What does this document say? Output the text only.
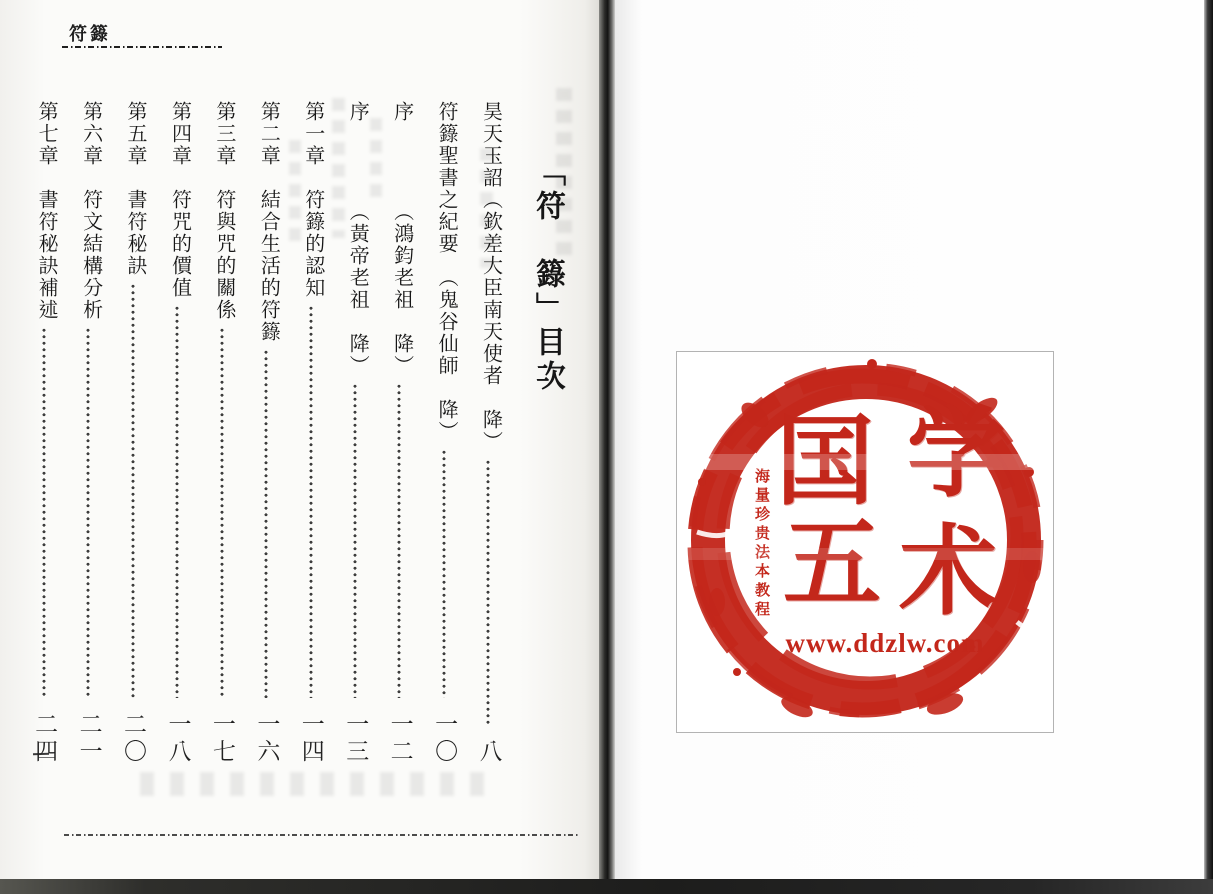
符籙
「符　籙」目次
昊天玉詔（欽差大臣南天使者　降）
八
符籙聖書之紀要　（鬼谷仙師　降）
一〇
序　　　　（鴻鈞老祖　降）
一二
序　　　　（黃帝老祖　降）
一三
第一章　符籙的認知
一四
第二章　結合生活的符籙
一六
第三章　符與咒的關係
一七
第四章　符咒的價值
一八
第五章　書符秘訣
二〇
第六章　符文結構分析
二一
第七章　書符秘訣補述
二四
国 学
五 术
海量珍贵法本教程
www.ddzlw.com
